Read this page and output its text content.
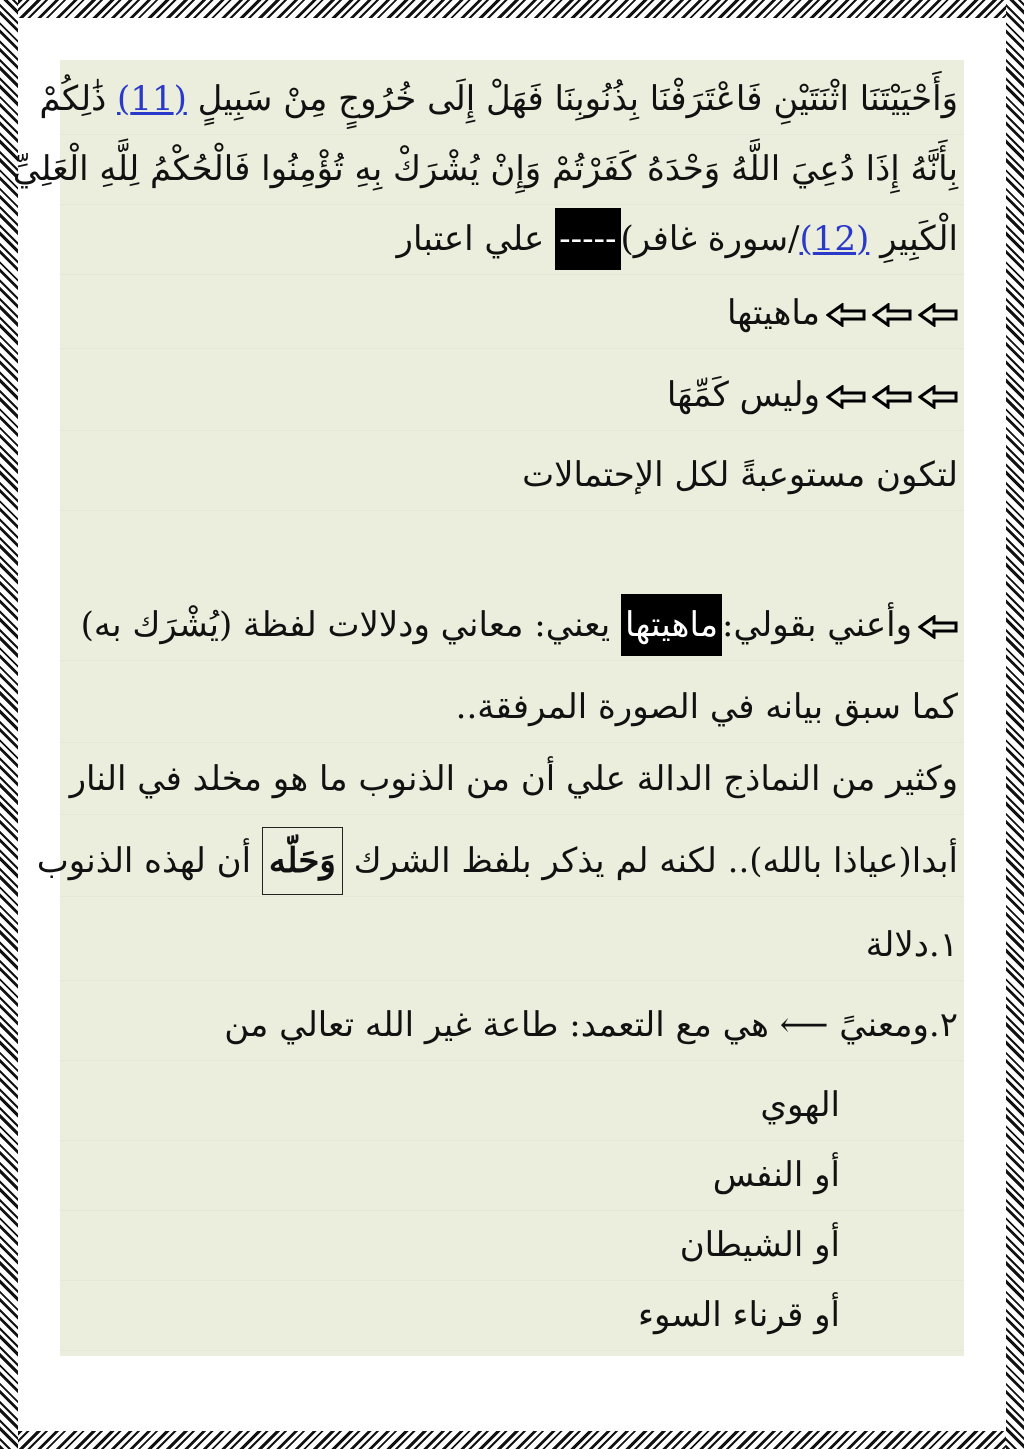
وَأَحْيَيْتَنَا اثْنَتَيْنِ فَاعْتَرَفْنَا بِذُنُوبِنَا فَهَلْ إِلَى خُرُوجٍ مِنْ سَبِيلٍ (11) ذَٰلِكُمْ
بِأَنَّهُ إِذَا دُعِيَ اللَّهُ وَحْدَهُ كَفَرْتُمْ وَإِنْ يُشْرَكْ بِهِ تُؤْمِنُوا فَالْحُكْمُ لِلَّهِ الْعَلِيِّ
الْكَبِيرِ (12)/سورة غافر)----- علي اعتبار
ماهيتها
وليس كَمِّهَا
لتكون مستوعبةً لكل الإحتمالات
وأعني بقولي:ماهيتها يعني: معاني ودلالات لفظة (يُشْرَك به)
كما سبق بيانه في الصورة المرفقة..
وكثير من النماذج الدالة علي أن من الذنوب ما هو مخلد في النار
أبدا(عياذا بالله).. لكنه لم يذكر بلفظ الشرك وَحَلّه أن لهذه الذنوب
١.دلالة
٢.ومعنيً ⟵ هي مع التعمد: طاعة غير الله تعالي من
الهوي
أو النفس
أو الشيطان
أو قرناء السوء
